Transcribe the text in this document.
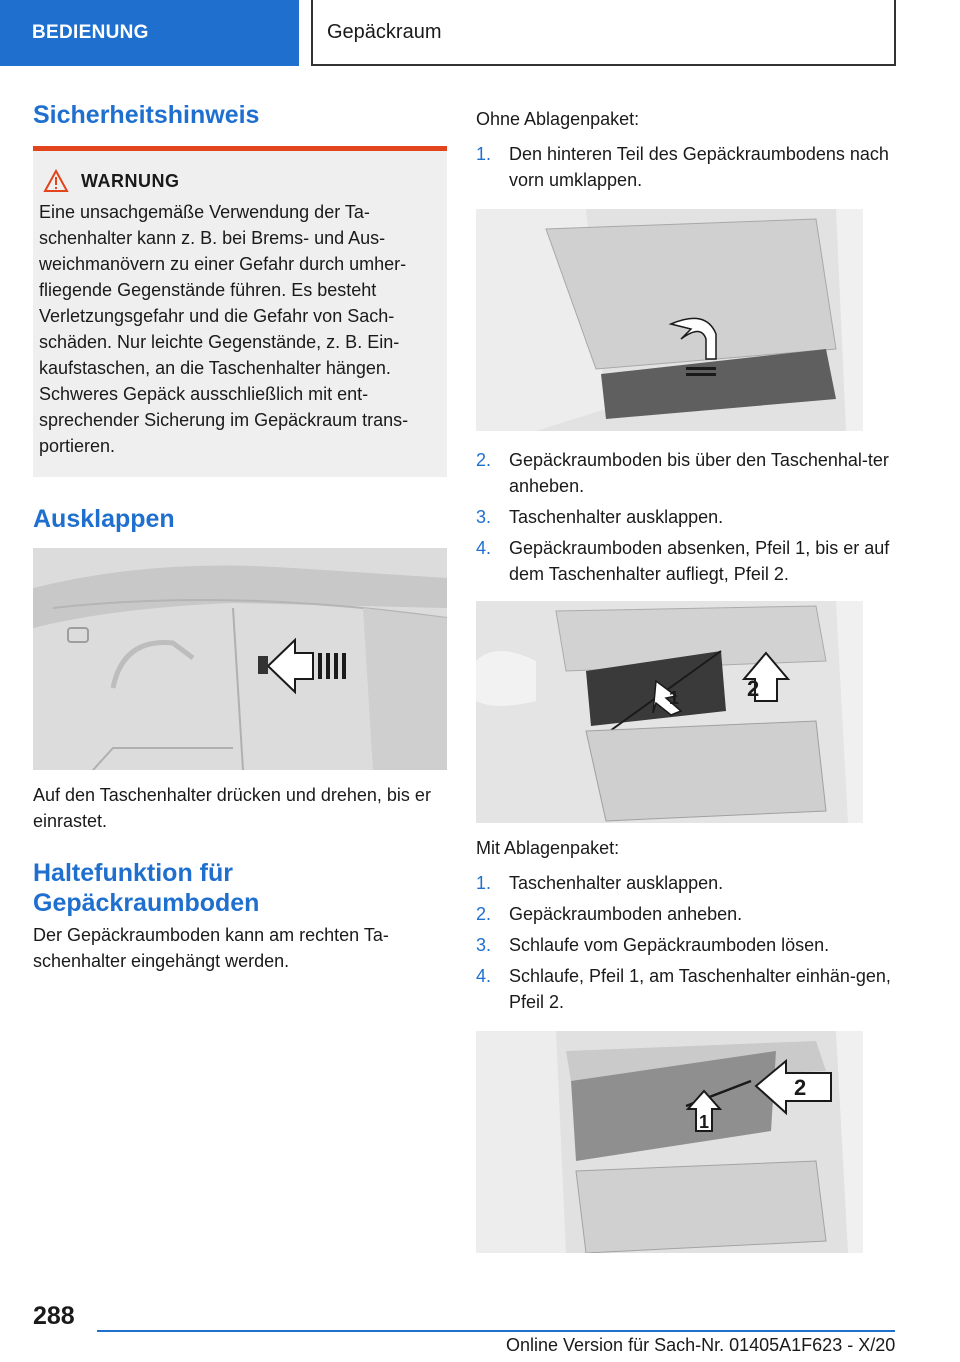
BEDIENUNG	Gepäckraum
Sicherheitshinweis
WARNUNG

Eine unsachgemäße Verwendung der Ta-schenhalter kann z. B. bei Brems- und Aus-weichmanövern zu einer Gefahr durch umher-fliegende Gegenstände führen. Es besteht Verletzungsgefahr und die Gefahr von Sach-schäden. Nur leichte Gegenstände, z. B. Ein-kaufstaschen, an die Taschenhalter hängen. Schweres Gepäck ausschließlich mit ent-sprechender Sicherung im Gepäckraum trans-portieren.

Ausklappen

Auf den Taschenhalter drücken und drehen, bis er einrastet.

Haltefunktion für Gepäckraumboden

Der Gepäckraumboden kann am rechten Ta-schenhalter eingehängt werden.

Ohne Ablagenpaket:

1. Den hinteren Teil des Gepäckraumbodens nach vorn umklappen.
2. Gepäckraumboden bis über den Taschenhal-ter anheben.
3. Taschenhalter ausklappen.
4. Gepäckraumboden absenken, Pfeil 1, bis er auf dem Taschenhalter aufliegt, Pfeil 2.
1	2

Mit Ablagenpaket:

1. Taschenhalter ausklappen.
2. Gepäckraumboden anheben.
3. Schlaufe vom Gepäckraumboden lösen.
4. Schlaufe, Pfeil 1, am Taschenhalter einhän-gen, Pfeil 2.
1
2
288
Online Version für Sach-Nr. 01405A1F623 - X/20
